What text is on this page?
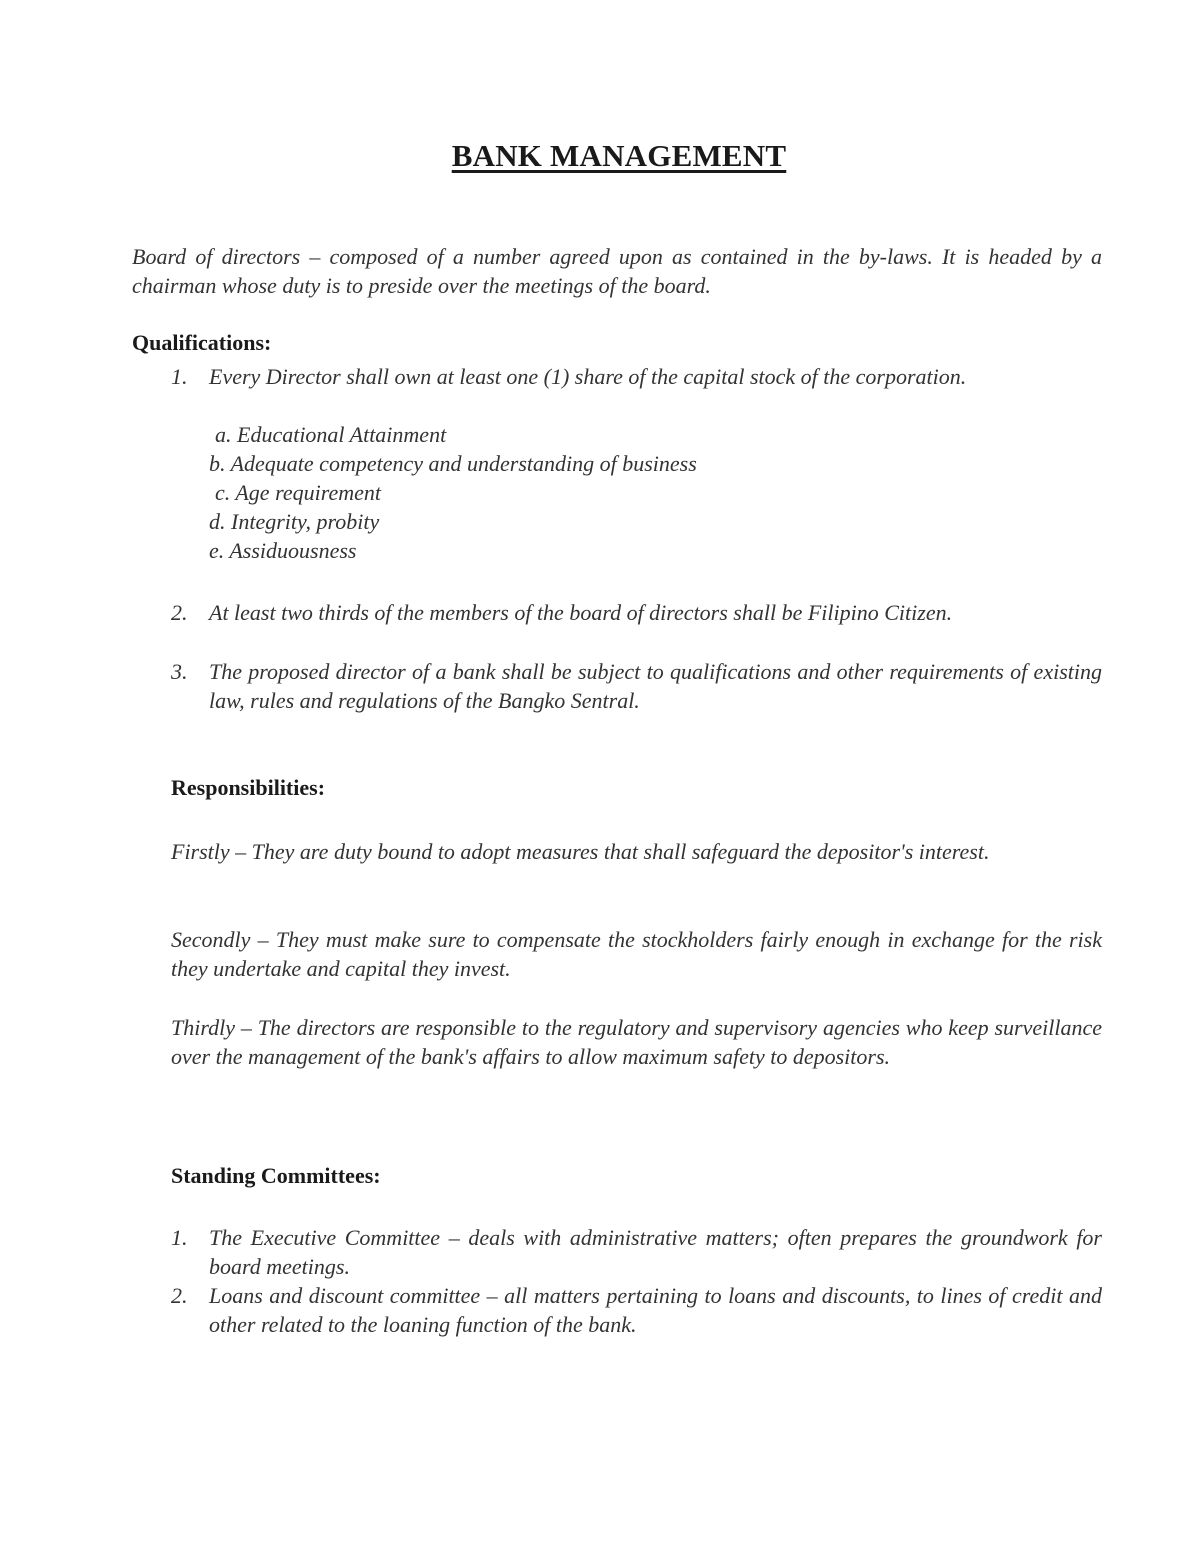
BANK MANAGEMENT
Board of directors – composed of a number agreed upon as contained in the by-laws. It is headed by a chairman whose duty is to preside over the meetings of the board.
Qualifications:
1. Every Director shall own at least one (1) share of the capital stock of the corporation.
a. Educational Attainment
b. Adequate competency and understanding of business
c. Age requirement
d. Integrity, probity
e. Assiduousness
2. At least two thirds of the members of the board of directors shall be Filipino Citizen.
3. The proposed director of a bank shall be subject to qualifications and other requirements of existing law, rules and regulations of the Bangko Sentral.
Responsibilities:
Firstly – They are duty bound to adopt measures that shall safeguard the depositor's interest.
Secondly – They must make sure to compensate the stockholders fairly enough in exchange for the risk they undertake and capital they invest.
Thirdly – The directors are responsible to the regulatory and supervisory agencies who keep surveillance over the management of the bank's affairs to allow maximum safety to depositors.
Standing Committees:
1. The Executive Committee – deals with administrative matters; often prepares the groundwork for board meetings.
2. Loans and discount committee – all matters pertaining to loans and discounts, to lines of credit and other related to the loaning function of the bank.
